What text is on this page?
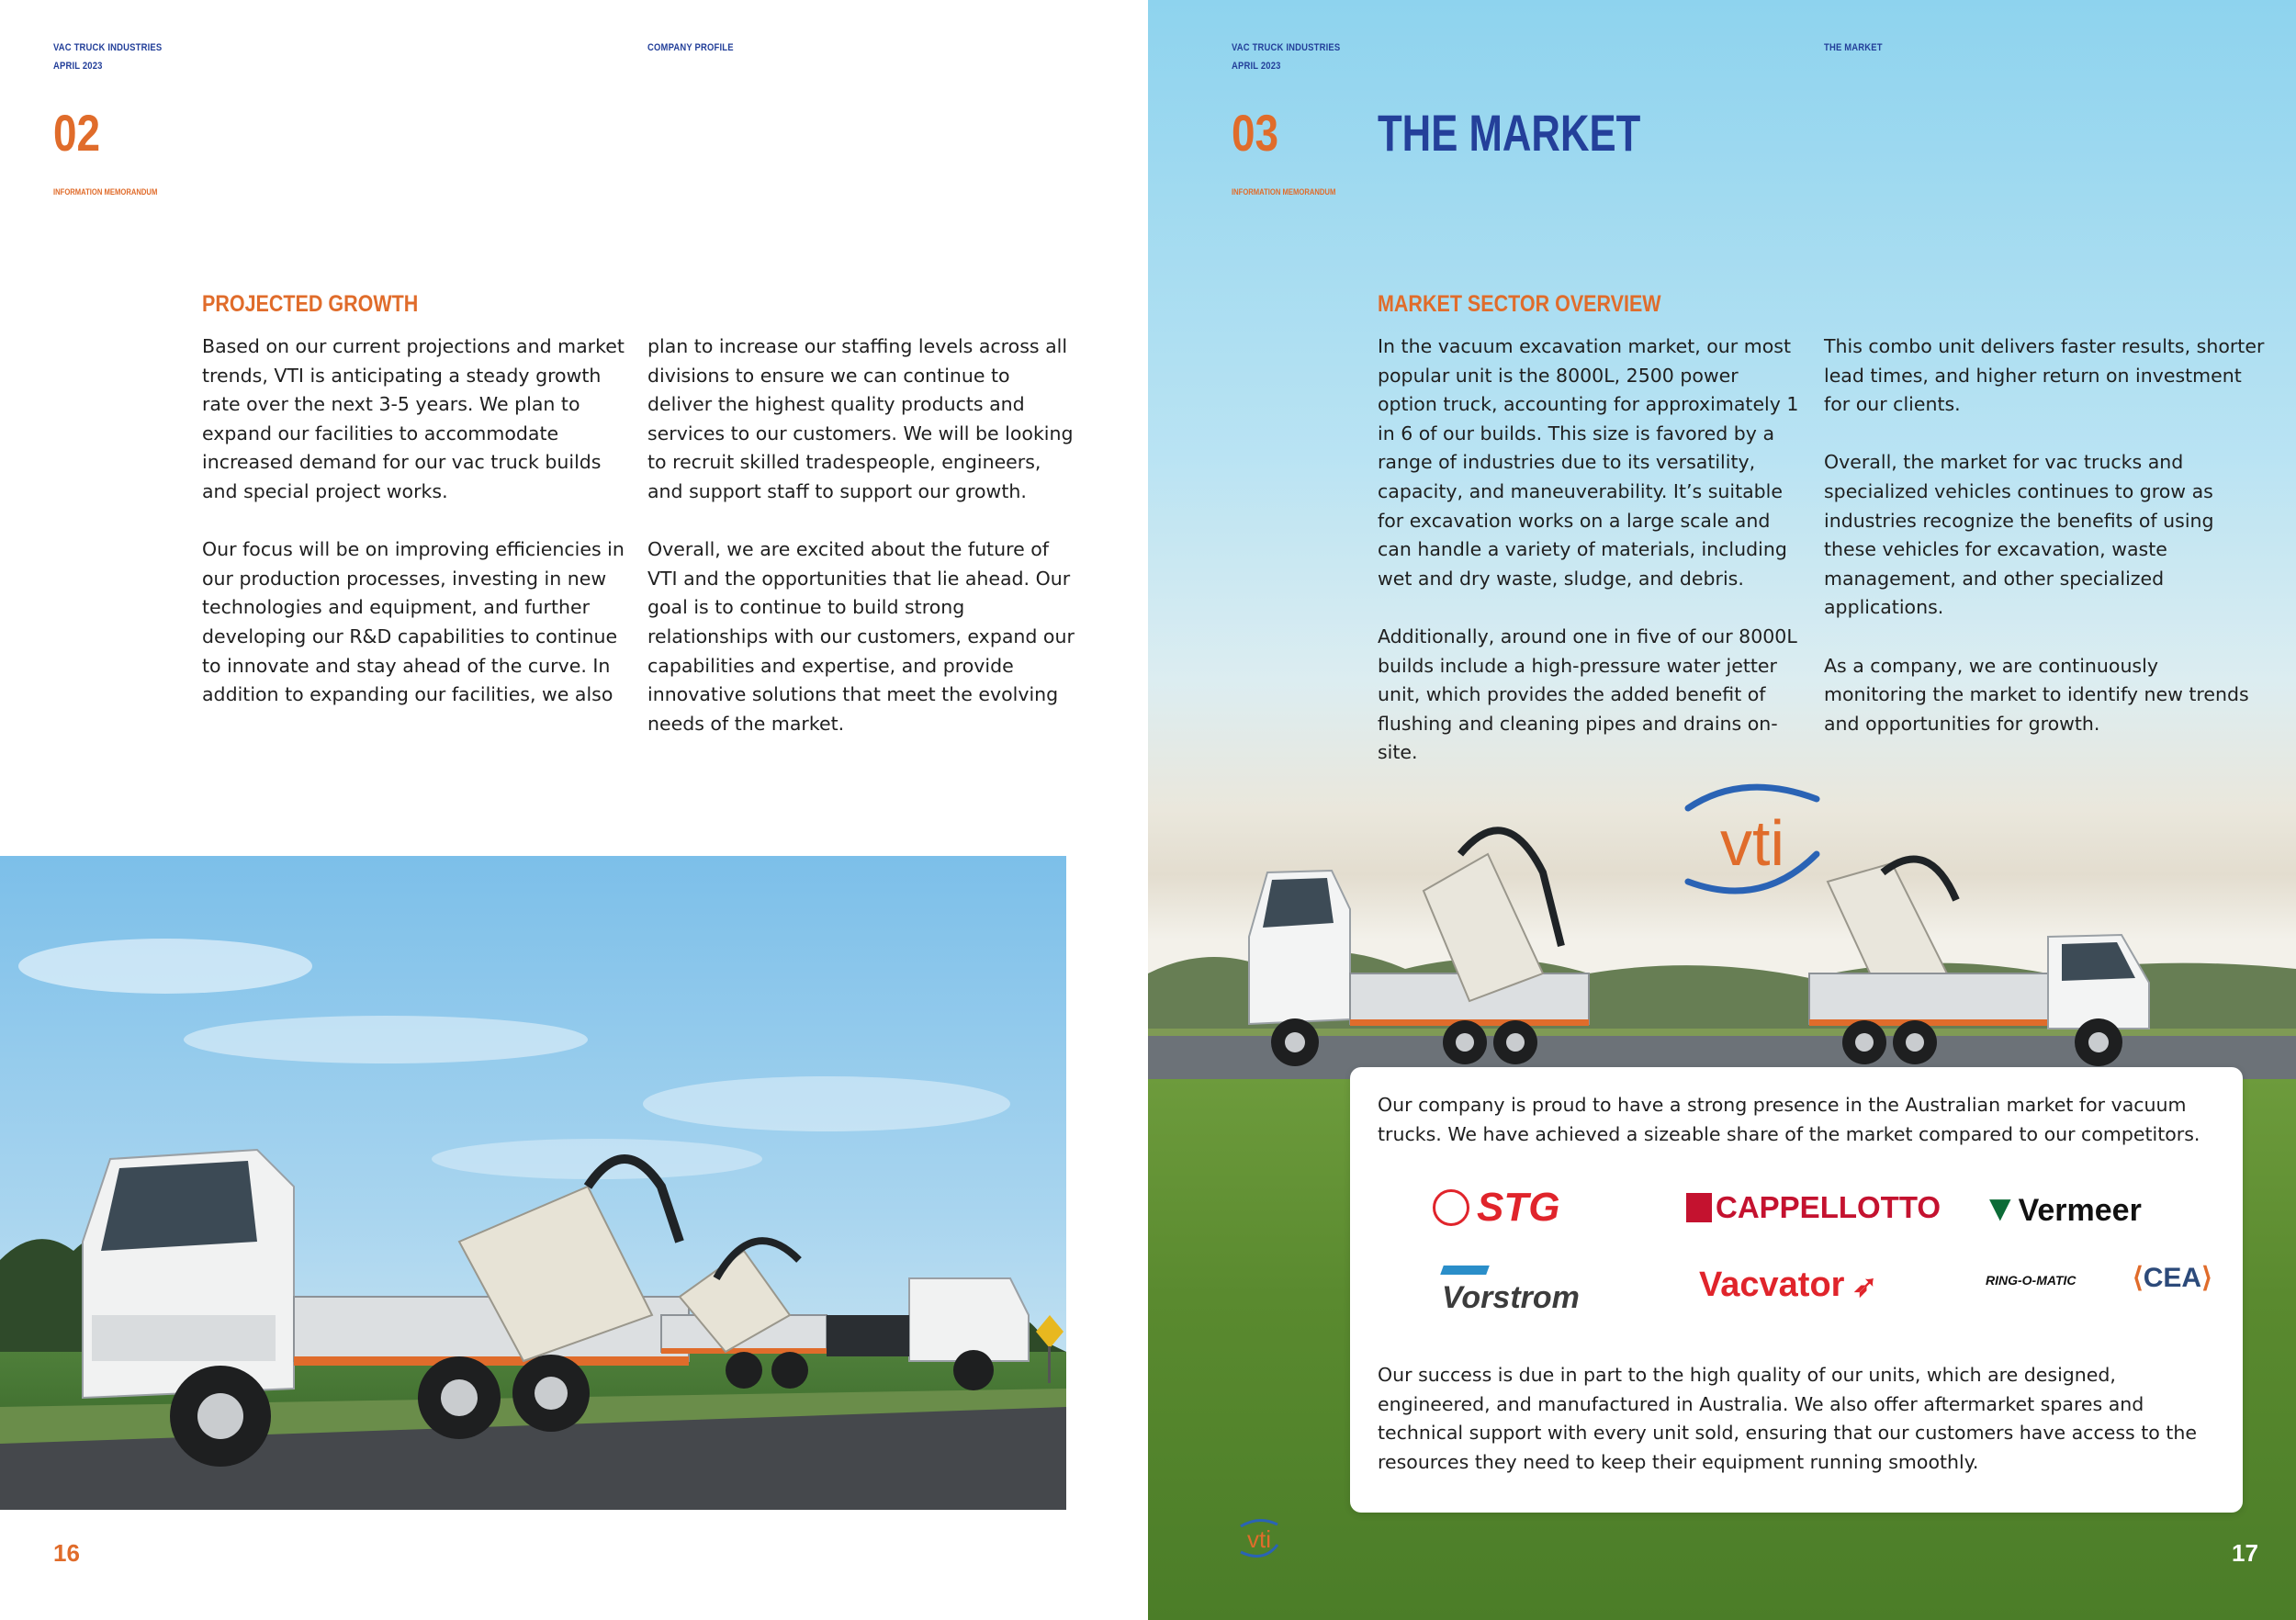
VAC TRUCK INDUSTRIES
APRIL 2023
COMPANY PROFILE
02
INFORMATION MEMORANDUM
PROJECTED GROWTH

Based on our current projections and market trends, VTI is anticipating a steady growth rate over the next 3-5 years. We plan to expand our facilities to accommodate increased demand for our vac truck builds and special project works.

Our focus will be on improving efficiencies in our production processes, investing in new technologies and equipment, and further developing our R&D capabilities to continue to innovate and stay ahead of the curve. In addition to expanding our facilities, we also

plan to increase our staffing levels across all divisions to ensure we can continue to deliver the highest quality products and services to our customers. We will be looking to recruit skilled tradespeople, engineers, and support staff to support our growth.

Overall, we are excited about the future of VTI and the opportunities that lie ahead. Our goal is to continue to build strong relationships with our customers, expand our capabilities and expertise, and provide innovative solutions that meet the evolving needs of the market.

16
VAC TRUCK INDUSTRIES
APRIL 2023
THE MARKET
03 THE MARKET
INFORMATION MEMORANDUM
MARKET SECTOR OVERVIEW

In the vacuum excavation market, our most popular unit is the 8000L, 2500 power option truck, accounting for approximately 1 in 6 of our builds. This size is favored by a range of industries due to its versatility, capacity, and maneuverability. It’s suitable for excavation works on a large scale and can handle a variety of materials, including wet and dry waste, sludge, and debris.

Additionally, around one in five of our 8000L builds include a high-pressure water jetter unit, which provides the added benefit of flushing and cleaning pipes and drains on-site.

This combo unit delivers faster results, shorter lead times, and higher return on investment for our clients.

Overall, the market for vac trucks and specialized vehicles continues to grow as industries recognize the benefits of using these vehicles for excavation, waste management, and other specialized applications.

As a company, we are continuously monitoring the market to identify new trends and opportunities for growth.

vti
Our company is proud to have a strong presence in the Australian market for vacuum trucks. We have achieved a sizeable share of the market compared to our competitors.
STG	CAPPELLOTTO ▼Vermeer
Vorstrom	Vacvator ➶	RING-O-MATIC ⟨CEA⟩
Our success is due in part to the high quality of our units, which are designed, engineered, and manufactured in Australia. We also offer aftermarket spares and technical support with every unit sold, ensuring that our customers have access to the resources they need to keep their equipment running smoothly.
vti	17
